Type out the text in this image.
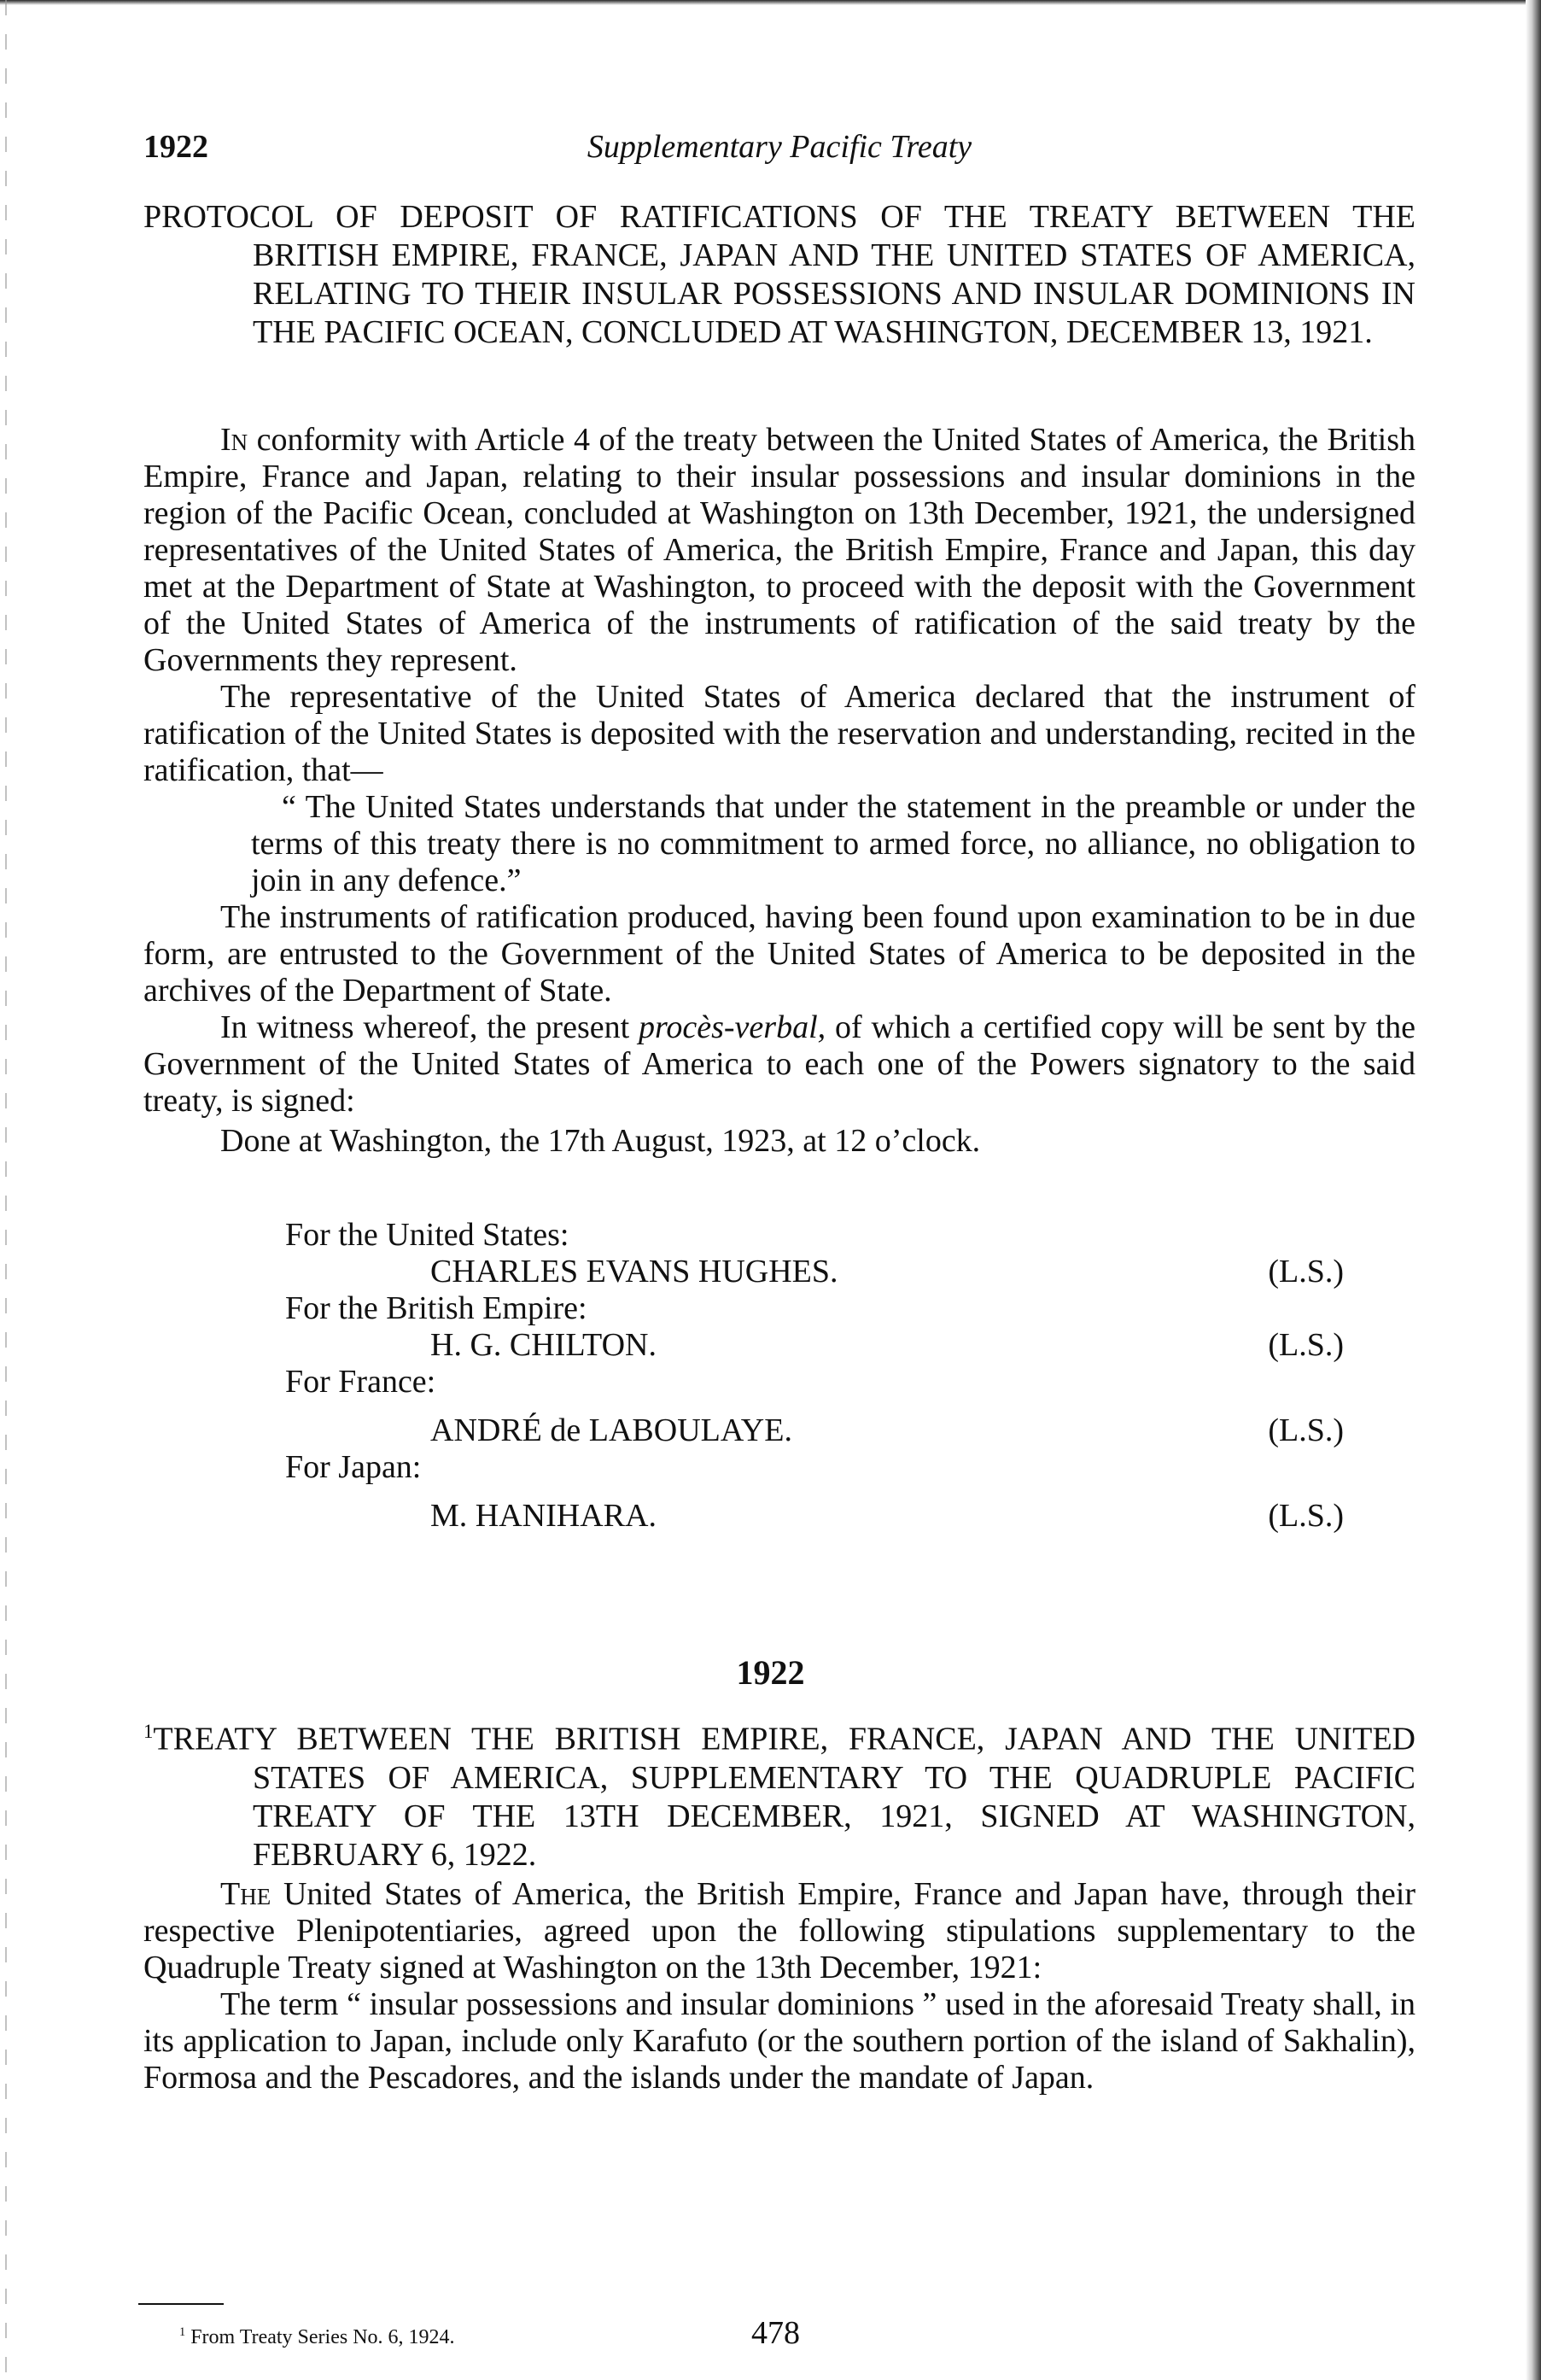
1922	Supplementary Pacific Treaty
PROTOCOL OF DEPOSIT OF RATIFICATIONS OF THE TREATY BETWEEN THE BRITISH EMPIRE, FRANCE, JAPAN AND THE UNITED STATES OF AMERICA, RELATING TO THEIR INSULAR POSSESSIONS AND INSULAR DOMINIONS IN THE PACIFIC OCEAN, CONCLUDED AT WASHINGTON, DECEMBER 13, 1921.

In conformity with Article 4 of the treaty between the United States of America, the British Empire, France and Japan, relating to their insular possessions and insular dominions in the region of the Pacific Ocean, concluded at Washington on 13th December, 1921, the undersigned representatives of the United States of America, the British Empire, France and Japan, this day met at the Department of State at Washington, to proceed with the deposit with the Government of the United States of America of the instruments of ratification of the said treaty by the Governments they represent.

The representative of the United States of America declared that the instrument of ratification of the United States is deposited with the reservation and understanding, recited in the ratification, that—

“ The United States understands that under the statement in the preamble or under the terms of this treaty there is no commitment to armed force, no alliance, no obligation to join in any defence.”

The instruments of ratification produced, having been found upon examination to be in due form, are entrusted to the Government of the United States of America to be deposited in the archives of the Department of State.

In witness whereof, the present procès-verbal, of which a certified copy will be sent by the Government of the United States of America to each one of the Powers signatory to the said treaty, is signed:

Done at Washington, the 17th August, 1923, at 12 o’clock.

For the United States:
CHARLES EVANS HUGHES.	(L.S.)
For the British Empire:
H. G. CHILTON.	(L.S.)
For France:
ANDRÉ de LABOULAYE.	(L.S.)
For Japan:
M. HANIHARA.	(L.S.)
1922
$^1$TREATY BETWEEN THE BRITISH EMPIRE, FRANCE, JAPAN AND THE UNITED STATES OF AMERICA, SUPPLEMENTARY TO THE QUADRUPLE PACIFIC TREATY OF THE 13TH DECEMBER, 1921, SIGNED AT WASHINGTON, FEBRUARY 6, 1922.

The United States of America, the British Empire, France and Japan have, through their respective Plenipotentiaries, agreed upon the following stipulations supplementary to the Quadruple Treaty signed at Washington on the 13th December, 1921:

The term “ insular possessions and insular dominions ” used in the aforesaid Treaty shall, in its application to Japan, include only Karafuto (or the southern portion of the island of Sakhalin), Formosa and the Pescadores, and the islands under the mandate of Japan.

$^1$ From Treaty Series No. 6, 1924.	478
